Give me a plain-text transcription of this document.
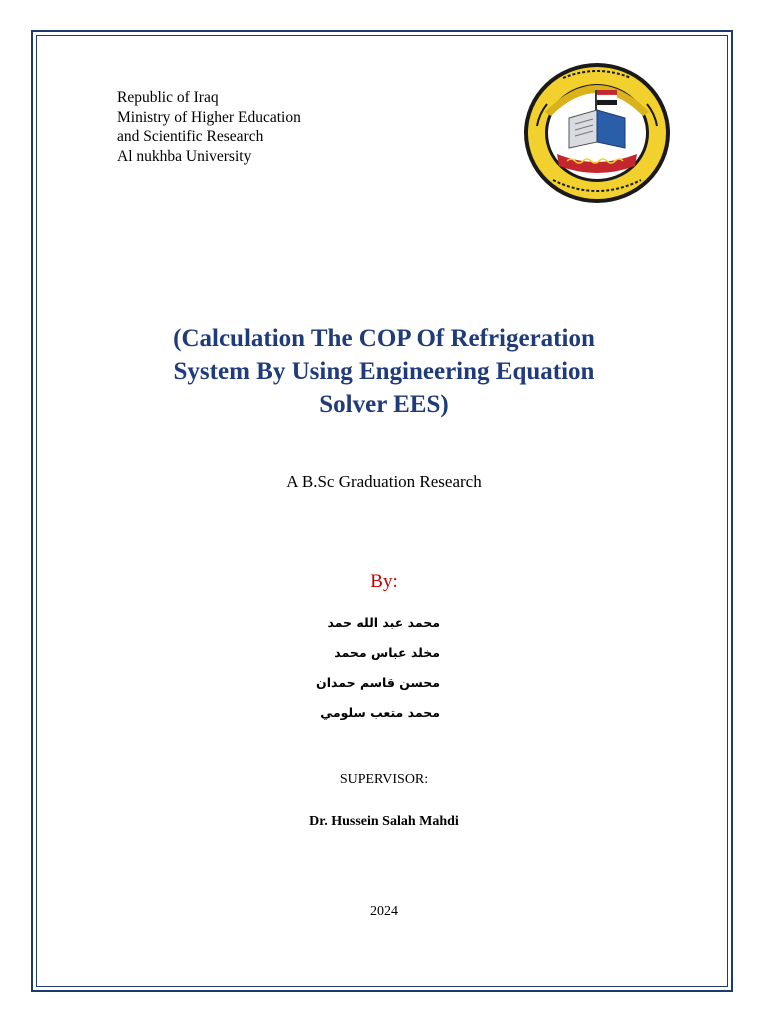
Republic of Iraq
Ministry of Higher Education
and Scientific Research
Al nukhba University
(Calculation The COP Of Refrigeration
System By Using Engineering Equation
Solver EES)
A B.Sc Graduation Research
By:
محمد عبد الله حمد
مخلد عباس محمد
محسن قاسم حمدان
محمد متعب سلومي
SUPERVISOR:
Dr. Hussein Salah Mahdi
2024
